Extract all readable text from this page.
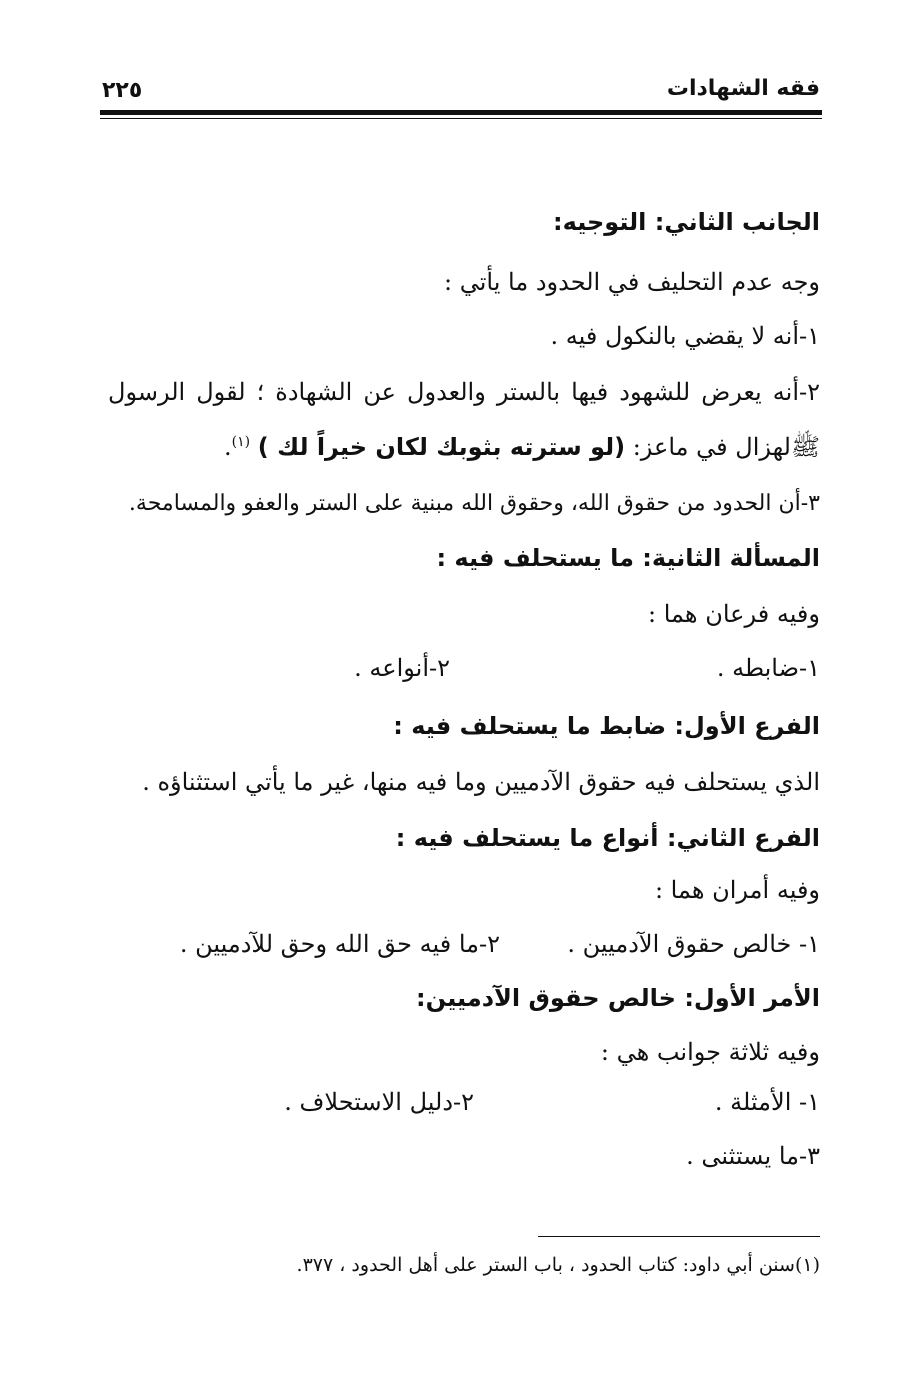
فقه الشهادات
٢٢٥
الجانب الثاني: التوجيه:
وجه عدم التحليف في الحدود ما يأتي :
١-أنه لا يقضي بالنكول فيه .
٢-أنه يعرض للشهود فيها بالستر والعدول عن الشهادة ؛ لقول الرسول
ﷺلهزال في ماعز: (لو سترته بثوبك لكان خيراً لك ) $^{(١)}$.
٣-أن الحدود من حقوق الله، وحقوق الله مبنية على الستر والعفو والمسامحة.
المسألة الثانية: ما يستحلف فيه :
وفيه فرعان هما :
١-ضابطه .
٢-أنواعه .
الفرع الأول: ضابط ما يستحلف فيه :
الذي يستحلف فيه حقوق الآدميين وما فيه منها، غير ما يأتي استثناؤه .
الفرع الثاني: أنواع ما يستحلف فيه :
وفيه أمران هما :
١- خالص حقوق الآدميين .
٢-ما فيه حق الله وحق للآدميين .
الأمر الأول: خالص حقوق الآدميين:
وفيه ثلاثة جوانب هي :
١- الأمثلة .
٢-دليل الاستحلاف .
٣-ما يستثنى .
(١)سنن أبي داود: كتاب الحدود ، باب الستر على أهل الحدود ، ٣٧٧.
